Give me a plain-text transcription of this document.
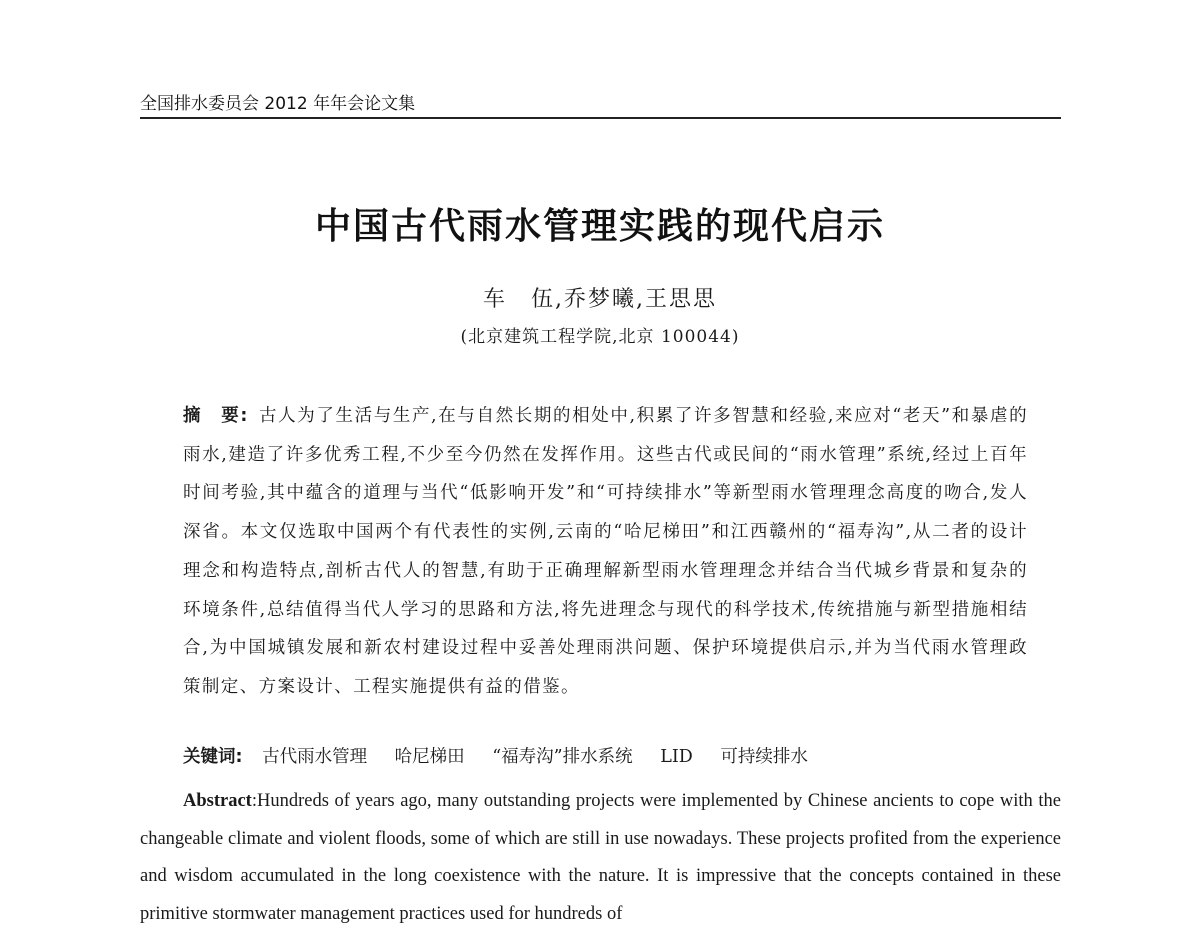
全国排水委员会 2012 年年会论文集
中国古代雨水管理实践的现代启示
车　伍,乔梦曦,王思思
(北京建筑工程学院,北京 100044)
摘　要: 古人为了生活与生产,在与自然长期的相处中,积累了许多智慧和经验,来应对“老天”和暴虐的雨水,建造了许多优秀工程,不少至今仍然在发挥作用。这些古代或民间的“雨水管理”系统,经过上百年时间考验,其中蕴含的道理与当代“低影响开发”和“可持续排水”等新型雨水管理理念高度的吻合,发人深省。本文仅选取中国两个有代表性的实例,云南的“哈尼梯田”和江西赣州的“福寿沟”,从二者的设计理念和构造特点,剖析古代人的智慧,有助于正确理解新型雨水管理理念并结合当代城乡背景和复杂的环境条件,总结值得当代人学习的思路和方法,将先进理念与现代的科学技术,传统措施与新型措施相结合,为中国城镇发展和新农村建设过程中妥善处理雨洪问题、保护环境提供启示,并为当代雨水管理政策制定、方案设计、工程实施提供有益的借鉴。
关键词: 古代雨水管理 哈尼梯田 “福寿沟”排水系统 LID 可持续排水
Abstract:Hundreds of years ago, many outstanding projects were implemented by Chinese ancients to cope with the changeable climate and violent floods, some of which are still in use nowadays. These projects profited from the experience and wisdom accumulated in the long coexistence with the nature. It is impressive that the concepts contained in these primitive stormwater management practices used for hundreds of
